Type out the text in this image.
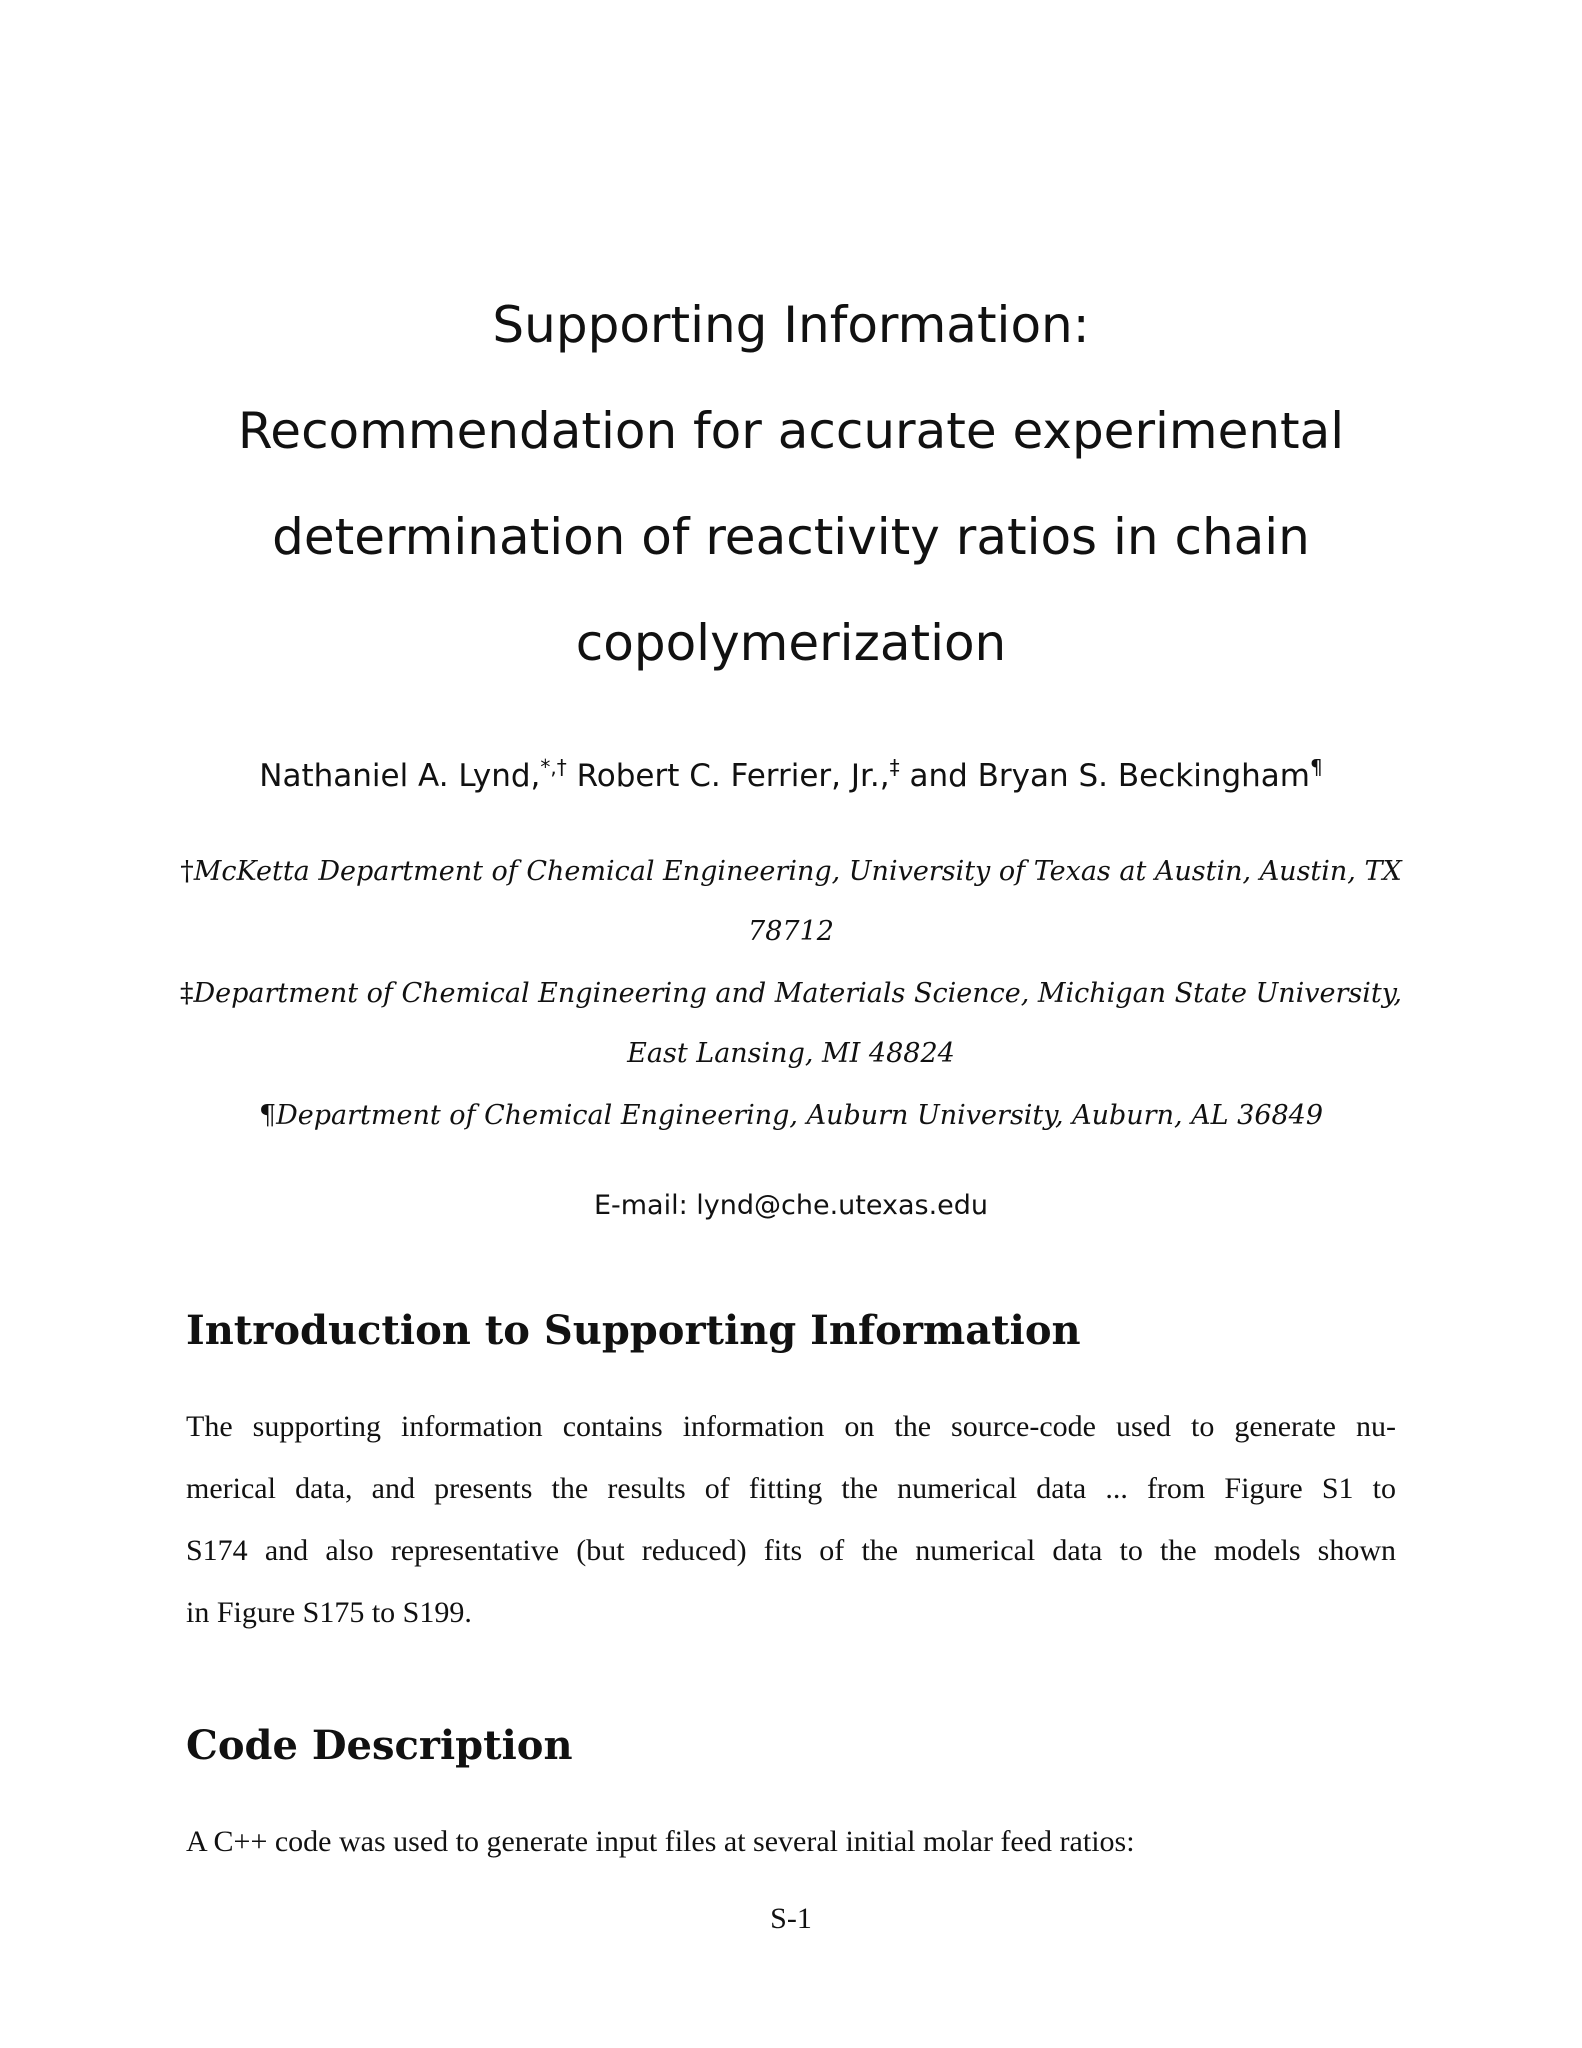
Supporting Information:
Recommendation for accurate experimental
determination of reactivity ratios in chain
copolymerization
Nathaniel A. Lynd,*,† Robert C. Ferrier, Jr.,‡ and Bryan S. Beckingham¶
†McKetta Department of Chemical Engineering, University of Texas at Austin, Austin, TX
78712
‡Department of Chemical Engineering and Materials Science, Michigan State University,
East Lansing, MI 48824
¶Department of Chemical Engineering, Auburn University, Auburn, AL 36849
E-mail: lynd@che.utexas.edu
Introduction to Supporting Information
The supporting information contains information on the source-code used to generate nu-
merical data, and presents the results of fitting the numerical data ... from Figure S1 to
S174 and also representative (but reduced) fits of the numerical data to the models shown
in Figure S175 to S199.
Code Description
A C++ code was used to generate input files at several initial molar feed ratios:
S-1
